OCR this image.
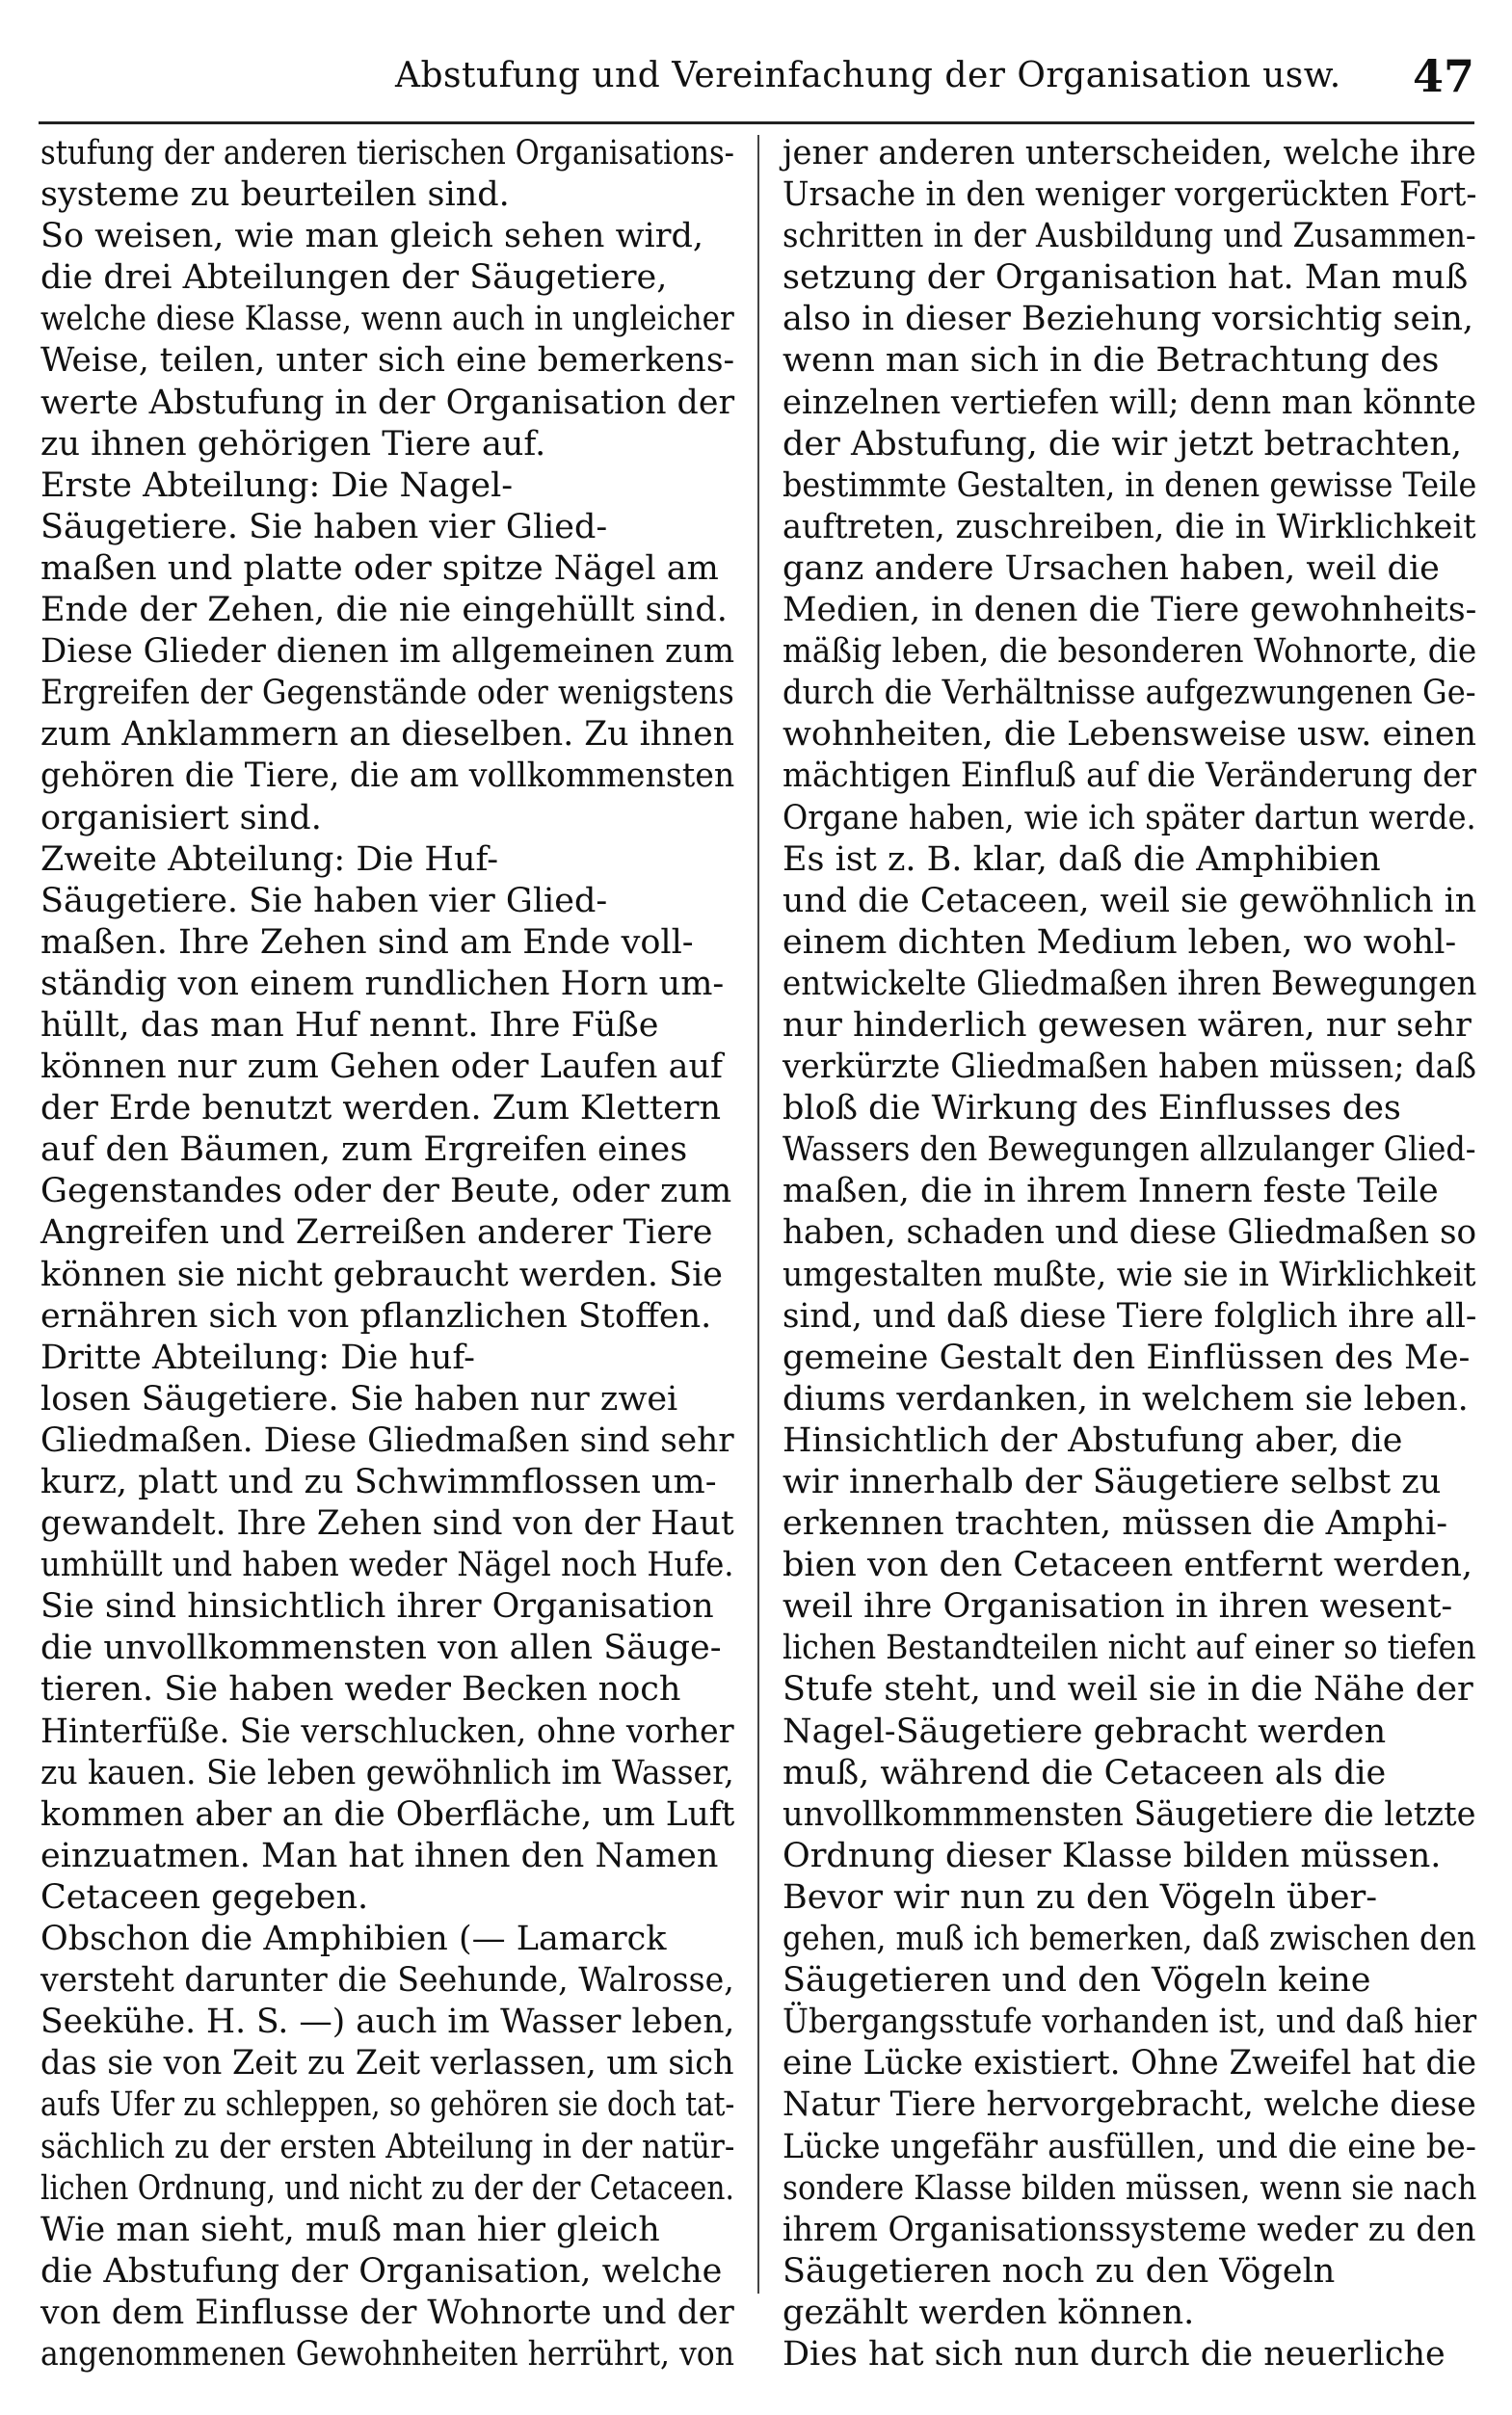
Abstufung und Vereinfachung der Organisation usw. 47
stufung der anderen tierischen Organisations-
systeme zu beurteilen sind.
So weisen, wie man gleich sehen wird,
die drei Abteilungen der Säugetiere,
welche diese Klasse, wenn auch in ungleicher
Weise, teilen, unter sich eine bemerkens-
werte Abstufung in der Organisation der
zu ihnen gehörigen Tiere auf.
Erste Abteilung: Die Nagel-
Säugetiere. Sie haben vier Glied-
maßen und platte oder spitze Nägel am
Ende der Zehen, die nie eingehüllt sind.
Diese Glieder dienen im allgemeinen zum
Ergreifen der Gegenstände oder wenigstens
zum Anklammern an dieselben. Zu ihnen
gehören die Tiere, die am vollkommensten
organisiert sind.
Zweite Abteilung: Die Huf-
Säugetiere. Sie haben vier Glied-
maßen. Ihre Zehen sind am Ende voll-
ständig von einem rundlichen Horn um-
hüllt, das man Huf nennt. Ihre Füße
können nur zum Gehen oder Laufen auf
der Erde benutzt werden. Zum Klettern
auf den Bäumen, zum Ergreifen eines
Gegenstandes oder der Beute, oder zum
Angreifen und Zerreißen anderer Tiere
können sie nicht gebraucht werden. Sie
ernähren sich von pflanzlichen Stoffen.
Dritte Abteilung: Die huf-
losen Säugetiere. Sie haben nur zwei
Gliedmaßen. Diese Gliedmaßen sind sehr
kurz, platt und zu Schwimmflossen um-
gewandelt. Ihre Zehen sind von der Haut
umhüllt und haben weder Nägel noch Hufe.
Sie sind hinsichtlich ihrer Organisation
die unvollkommensten von allen Säuge-
tieren. Sie haben weder Becken noch
Hinterfüße. Sie verschlucken, ohne vorher
zu kauen. Sie leben gewöhnlich im Wasser,
kommen aber an die Oberfläche, um Luft
einzuatmen. Man hat ihnen den Namen
Cetaceen gegeben.
Obschon die Amphibien (— Lamarck
versteht darunter die Seehunde, Walrosse,
Seekühe. H. S. —) auch im Wasser leben,
das sie von Zeit zu Zeit verlassen, um sich
aufs Ufer zu schleppen, so gehören sie doch tat-
sächlich zu der ersten Abteilung in der natür-
lichen Ordnung, und nicht zu der der Cetaceen.
Wie man sieht, muß man hier gleich
die Abstufung der Organisation, welche
von dem Einflusse der Wohnorte und der
angenommenen Gewohnheiten herrührt, von
jener anderen unterscheiden, welche ihre
Ursache in den weniger vorgerückten Fort-
schritten in der Ausbildung und Zusammen-
setzung der Organisation hat. Man muß
also in dieser Beziehung vorsichtig sein,
wenn man sich in die Betrachtung des
einzelnen vertiefen will; denn man könnte
der Abstufung, die wir jetzt betrachten,
bestimmte Gestalten, in denen gewisse Teile
auftreten, zuschreiben, die in Wirklichkeit
ganz andere Ursachen haben, weil die
Medien, in denen die Tiere gewohnheits-
mäßig leben, die besonderen Wohnorte, die
durch die Verhältnisse aufgezwungenen Ge-
wohnheiten, die Lebensweise usw. einen
mächtigen Einfluß auf die Veränderung der
Organe haben, wie ich später dartun werde.
Es ist z. B. klar, daß die Amphibien
und die Cetaceen, weil sie gewöhnlich in
einem dichten Medium leben, wo wohl-
entwickelte Gliedmaßen ihren Bewegungen
nur hinderlich gewesen wären, nur sehr
verkürzte Gliedmaßen haben müssen; daß
bloß die Wirkung des Einflusses des
Wassers den Bewegungen allzulanger Glied-
maßen, die in ihrem Innern feste Teile
haben, schaden und diese Gliedmaßen so
umgestalten mußte, wie sie in Wirklichkeit
sind, und daß diese Tiere folglich ihre all-
gemeine Gestalt den Einflüssen des Me-
diums verdanken, in welchem sie leben.
Hinsichtlich der Abstufung aber, die
wir innerhalb der Säugetiere selbst zu
erkennen trachten, müssen die Amphi-
bien von den Cetaceen entfernt werden,
weil ihre Organisation in ihren wesent-
lichen Bestandteilen nicht auf einer so tiefen
Stufe steht, und weil sie in die Nähe der
Nagel-Säugetiere gebracht werden
muß, während die Cetaceen als die
unvollkommmensten Säugetiere die letzte
Ordnung dieser Klasse bilden müssen.
Bevor wir nun zu den Vögeln über-
gehen, muß ich bemerken, daß zwischen den
Säugetieren und den Vögeln keine
Übergangsstufe vorhanden ist, und daß hier
eine Lücke existiert. Ohne Zweifel hat die
Natur Tiere hervorgebracht, welche diese
Lücke ungefähr ausfüllen, und die eine be-
sondere Klasse bilden müssen, wenn sie nach
ihrem Organisationssysteme weder zu den
Säugetieren noch zu den Vögeln
gezählt werden können.
Dies hat sich nun durch die neuerliche
